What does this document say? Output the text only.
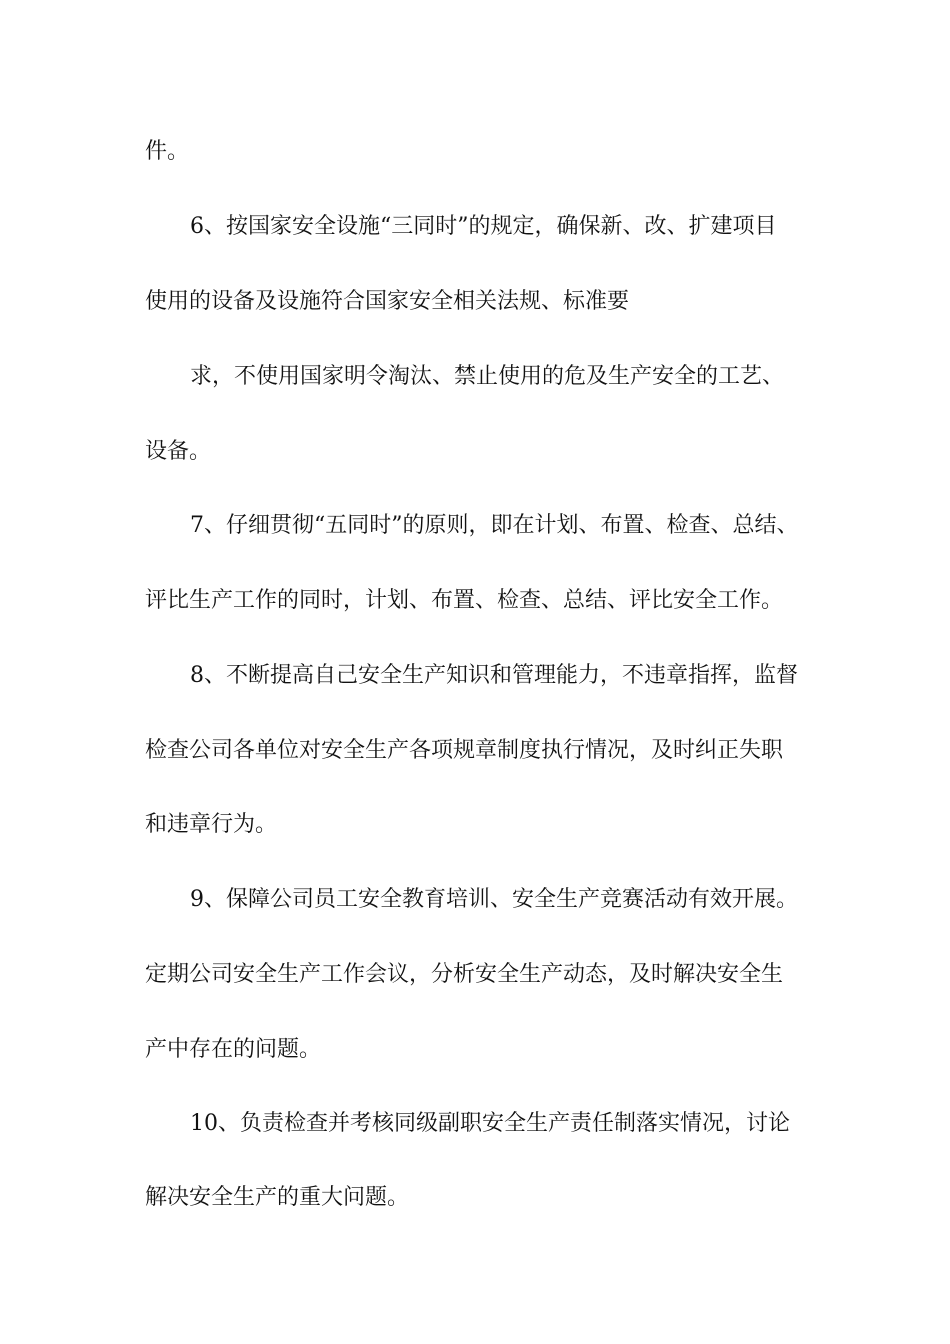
件。
6、按国家安全设施“三同时”的规定，确保新、改、扩建项目
使用的设备及设施符合国家安全相关法规、标准要
求，不使用国家明令淘汰、禁止使用的危及生产安全的工艺、
设备。
7、仔细贯彻“五同时”的原则，即在计划、布置、检查、总结、
评比生产工作的同时，计划、布置、检查、总结、评比安全工作。
8、不断提高自己安全生产知识和管理能力，不违章指挥，监督
检查公司各单位对安全生产各项规章制度执行情况，及时纠正失职
和违章行为。
9、保障公司员工安全教育培训、安全生产竞赛活动有效开展。
定期公司安全生产工作会议，分析安全生产动态，及时解决安全生
产中存在的问题。
10、负责检查并考核同级副职安全生产责任制落实情况，讨论
解决安全生产的重大问题。
